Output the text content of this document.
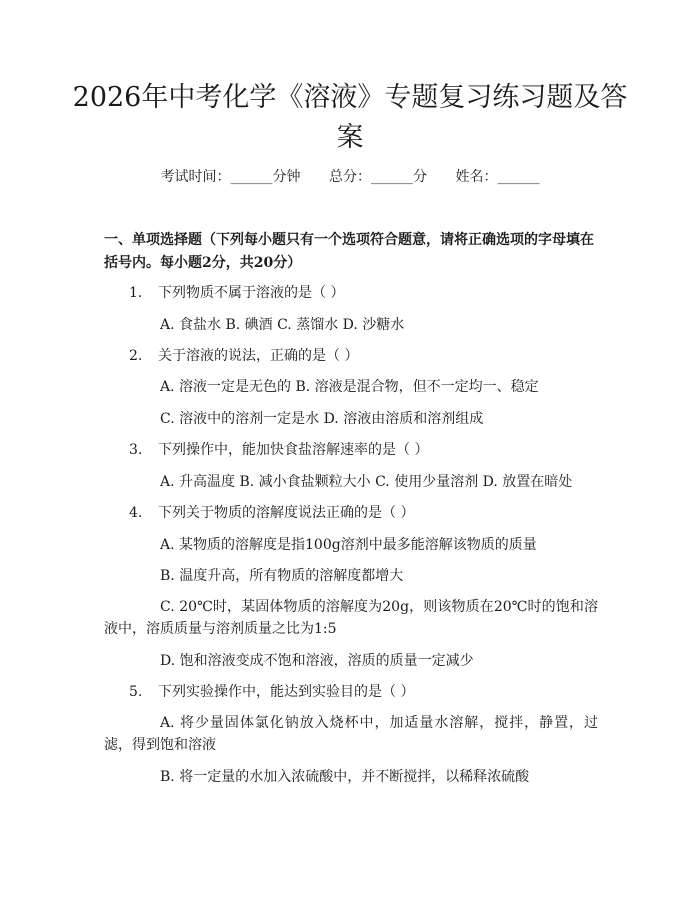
2026年中考化学《溶液》专题复习练习题及答案
考试时间：______分钟 总分：______分 姓名：______

一、单项选择题（下列每小题只有一个选项符合题意，请将正确选项的字母填在括号内。每小题2分，共20分）

1. 下列物质不属于溶液的是（ ）
A. 食盐水 B. 碘酒 C. 蒸馏水 D. 沙糖水
2. 关于溶液的说法，正确的是（ ）
A. 溶液一定是无色的 B. 溶液是混合物，但不一定均一、稳定
C. 溶液中的溶剂一定是水 D. 溶液由溶质和溶剂组成
3. 下列操作中，能加快食盐溶解速率的是（ ）
A. 升高温度 B. 减小食盐颗粒大小 C. 使用少量溶剂 D. 放置在暗处
4. 下列关于物质的溶解度说法正确的是（ ）
A. 某物质的溶解度是指100g溶剂中最多能溶解该物质的质量
B. 温度升高，所有物质的溶解度都增大
C. 20℃时，某固体物质的溶解度为20g，则该物质在20℃时的饱和溶液中，溶质质量与溶剂质量之比为1:5
D. 饱和溶液变成不饱和溶液，溶质的质量一定减少
5. 下列实验操作中，能达到实验目的是（ ）
A. 将少量固体氯化钠放入烧杯中，加适量水溶解，搅拌，静置，过滤，得到饱和溶液
B. 将一定量的水加入浓硫酸中，并不断搅拌，以稀释浓硫酸
